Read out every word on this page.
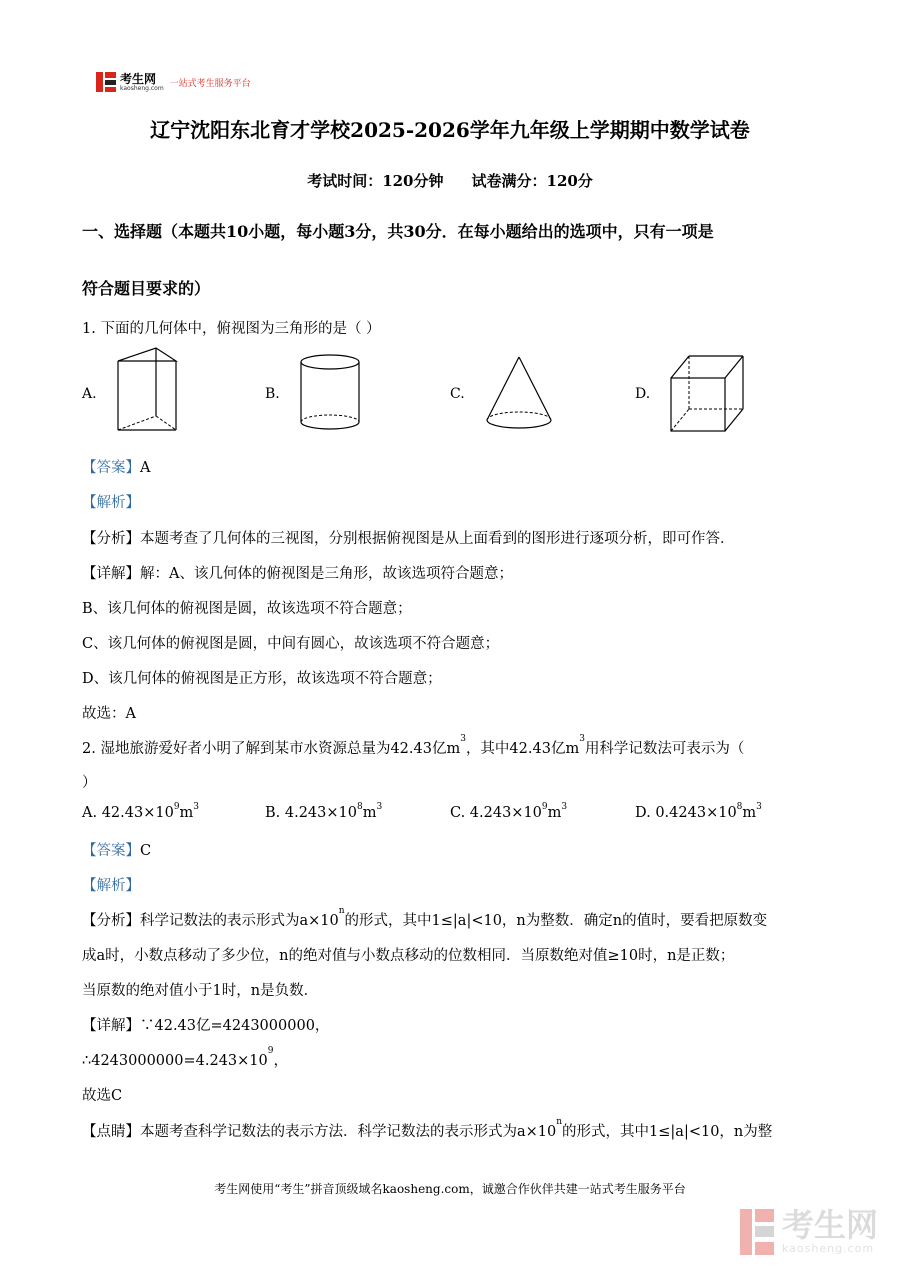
考生网
kaosheng.com 一站式考生服务平台
辽宁沈阳东北育才学校2025-2026学年九年级上学期期中数学试卷
考试时间：120分钟 试卷满分：120分
一、选择题（本题共10小题，每小题3分，共30分．在每小题给出的选项中，只有一项是
符合题目要求的）
1. 下面的几何体中，俯视图为三角形的是（ ）
A.	B.	C.	D.
【答案】A
【解析】
【分析】本题考查了几何体的三视图，分别根据俯视图是从上面看到的图形进行逐项分析，即可作答．
【详解】解：A、该几何体的俯视图是三角形，故该选项符合题意；
B、该几何体的俯视图是圆，故该选项不符合题意；
C、该几何体的俯视图是圆，中间有圆心，故该选项不符合题意；
D、该几何体的俯视图是正方形，故该选项不符合题意；
故选：A
2. 湿地旅游爱好者小明了解到某市水资源总量为42.43亿$m^3$，其中42.43亿$m^3$用科学记数法可表示为（
）
A. $42.43\times 10^9m^3$	B. $4.243\times 10^8m^3$	C. $4.243\times 10^9m^3$	D. $0.4243\times 10^8m^3$
【答案】C
【解析】
【分析】科学记数法的表示形式为$a\times 10^n$的形式，其中1≤|a|<10，n为整数．确定n的值时，要看把原数变
成a时，小数点移动了多少位，n的绝对值与小数点移动的位数相同．当原数绝对值≥10时，n是正数；
当原数的绝对值小于1时，n是负数．
【详解】∵42.43亿=4243000000，
$\therefore 4243000000=4.243\times 10^9$，
故选C
【点睛】本题考查科学记数法的表示方法．科学记数法的表示形式为$a\times 10^n$的形式，其中1≤|a|<10，n为整
考生网使用“考生”拼音顶级域名kaosheng.com，诚邀合作伙伴共建一站式考生服务平台
考生网
kaosheng.com
